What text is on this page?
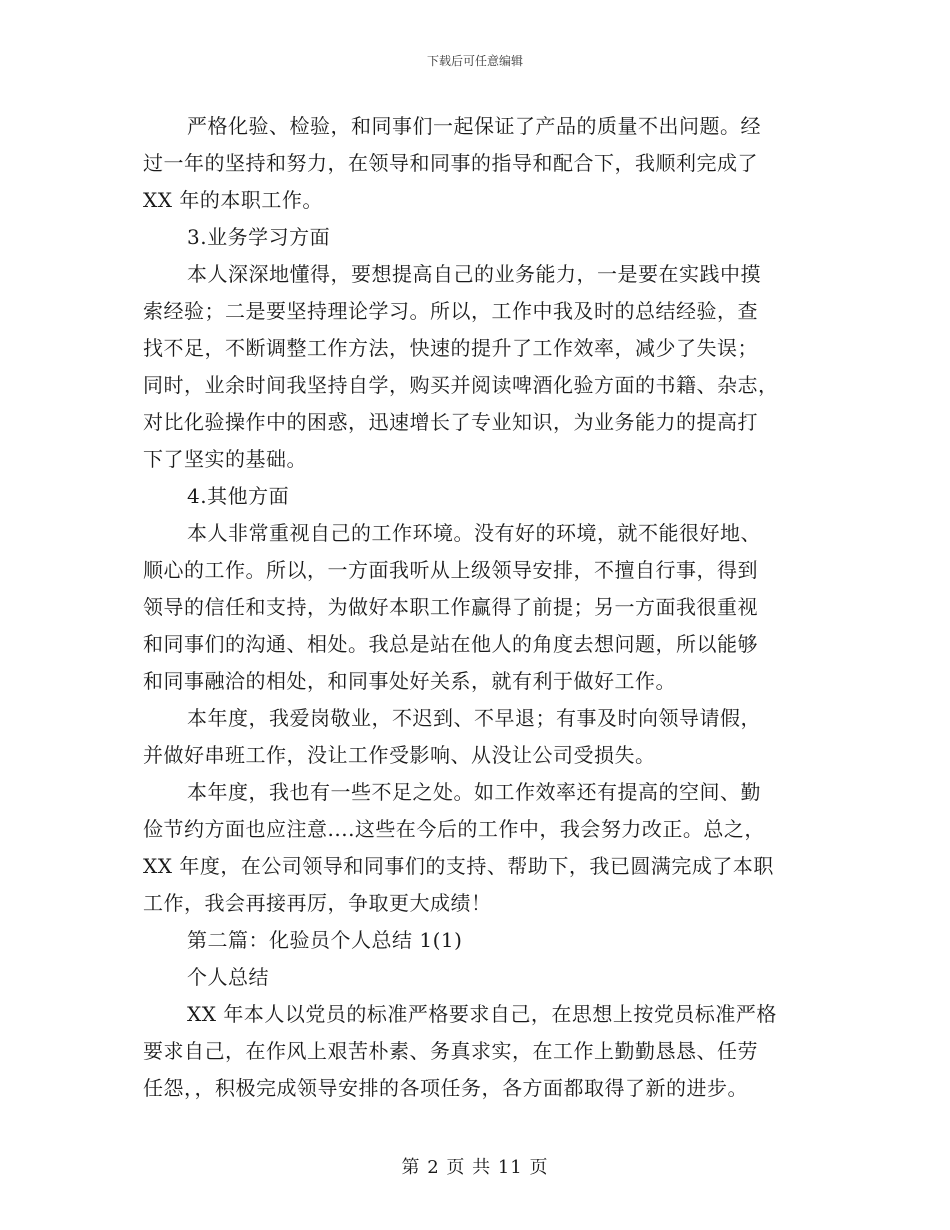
下载后可任意编辑
严格化验、检验，和同事们一起保证了产品的质量不出问题。经
过一年的坚持和努力，在领导和同事的指导和配合下，我顺利完成了
XX 年的本职工作。
3.业务学习方面
本人深深地懂得，要想提高自己的业务能力，一是要在实践中摸
索经验；二是要坚持理论学习。所以，工作中我及时的总结经验，查
找不足，不断调整工作方法，快速的提升了工作效率，减少了失误；
同时，业余时间我坚持自学，购买并阅读啤酒化验方面的书籍、杂志，
对比化验操作中的困惑，迅速增长了专业知识，为业务能力的提高打
下了坚实的基础。
4.其他方面
本人非常重视自己的工作环境。没有好的环境，就不能很好地、
顺心的工作。所以，一方面我听从上级领导安排，不擅自行事，得到
领导的信任和支持，为做好本职工作赢得了前提；另一方面我很重视
和同事们的沟通、相处。我总是站在他人的角度去想问题，所以能够
和同事融洽的相处，和同事处好关系，就有利于做好工作。
本年度，我爱岗敬业，不迟到、不早退；有事及时向领导请假，
并做好串班工作，没让工作受影响、从没让公司受损失。
本年度，我也有一些不足之处。如工作效率还有提高的空间、勤
俭节约方面也应注意....这些在今后的工作中，我会努力改正。总之，
XX 年度，在公司领导和同事们的支持、帮助下，我已圆满完成了本职
工作，我会再接再厉，争取更大成绩！
第二篇：化验员个人总结 1(1)
个人总结
XX 年本人以党员的标准严格要求自己，在思想上按党员标准严格
要求自己，在作风上艰苦朴素、务真求实，在工作上勤勤恳恳、任劳
任怨，，积极完成领导安排的各项任务，各方面都取得了新的进步。
第 2 页 共 11 页
